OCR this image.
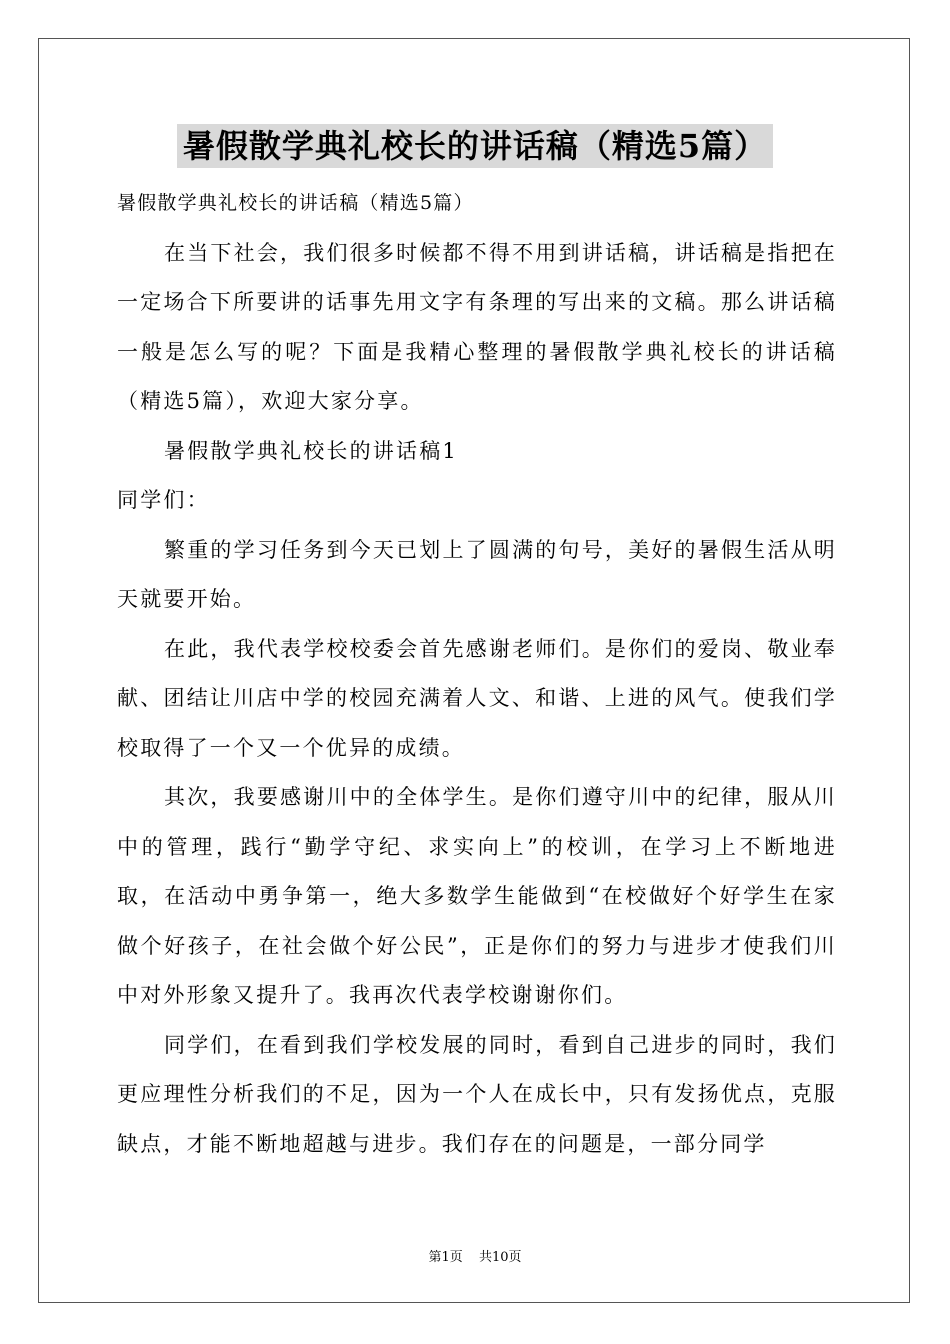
暑假散学典礼校长的讲话稿（精选5篇）

暑假散学典礼校长的讲话稿（精选5篇）

在当下社会，我们很多时候都不得不用到讲话稿，讲话稿是指把在一定场合下所要讲的话事先用文字有条理的写出来的文稿。那么讲话稿一般是怎么写的呢？下面是我精心整理的暑假散学典礼校长的讲话稿（精选5篇），欢迎大家分享。

暑假散学典礼校长的讲话稿1

同学们：

繁重的学习任务到今天已划上了圆满的句号，美好的暑假生活从明天就要开始。

在此，我代表学校校委会首先感谢老师们。是你们的爱岗、敬业奉献、团结让川店中学的校园充满着人文、和谐、上进的风气。使我们学校取得了一个又一个优异的成绩。

其次，我要感谢川中的全体学生。是你们遵守川中的纪律，服从川中的管理，践行“勤学守纪、求实向上”的校训，在学习上不断地进取，在活动中勇争第一，绝大多数学生能做到“在校做好个好学生在家做个好孩子，在社会做个好公民”，正是你们的努力与进步才使我们川中对外形象又提升了。我再次代表学校谢谢你们。

同学们，在看到我们学校发展的同时，看到自己进步的同时，我们更应理性分析我们的不足，因为一个人在成长中，只有发扬优点，克服缺点，才能不断地超越与进步。我们存在的问题是，一部分同学

第1页 共10页
